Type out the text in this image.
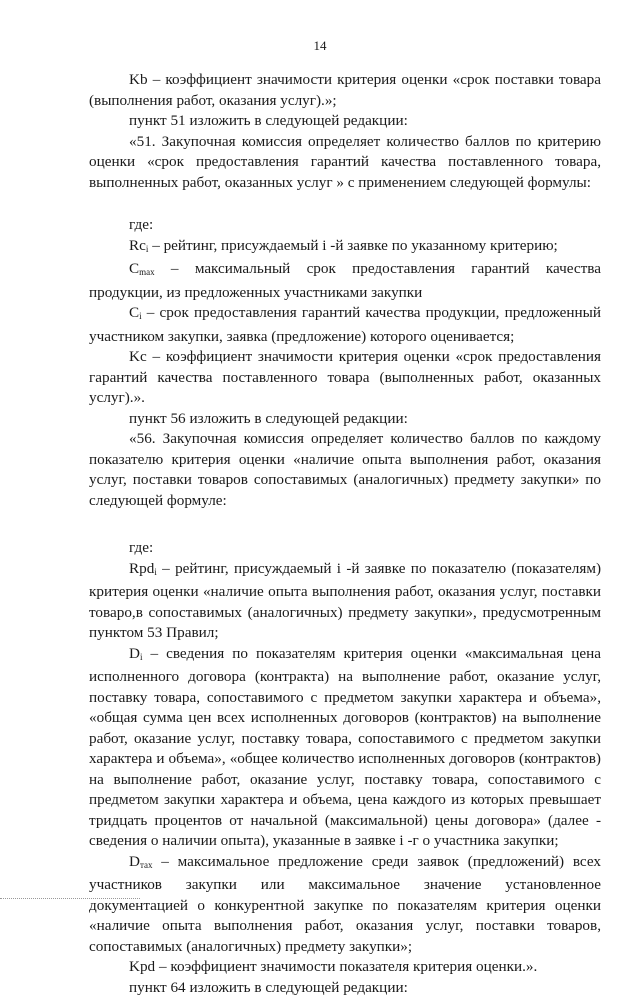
14

Kb – коэффициент значимости критерия оценки «срок поставки товара (выполнения работ, оказания услуг).»;

пункт 51 изложить в следующей редакции:

«51. Закупочная комиссия определяет количество баллов по критерию оценки «срок предоставления гарантий качества поставленного товара, выполненных работ, оказанных услуг » с применением следующей формулы:

где:

$Rc_i$ – рейтинг, присуждаемый i -й заявке по указанному критерию;

$C_{max}$ – максимальный срок предоставления гарантий качества продукции, из предложенных участниками закупки

$C_i$ – срок предоставления гарантий качества продукции, предложенный участником закупки, заявка (предложение) которого оценивается;

Kc – коэффициент значимости критерия оценки «срок предоставления гарантий качества поставленного товара (выполненных работ, оказанных услуг).».

пункт 56 изложить в следующей редакции:

«56. Закупочная комиссия определяет количество баллов по каждому показателю критерия оценки «наличие опыта выполнения работ, оказания услуг, поставки товаров сопоставимых (аналогичных) предмету закупки» по следующей формуле:

где:

Rpd$_i$ – рейтинг, присуждаемый i -й заявке по показателю (показателям) критерия оценки «наличие опыта выполнения работ, оказания услуг, поставки товаро,в сопоставимых (аналогичных) предмету закупки», предусмотренным пунктом 53 Правил;

$D_i$ – сведения по показателям критерия оценки «максимальная цена исполненного договора (контракта) на выполнение работ, оказание услуг, поставку товара, сопоставимого с предметом закупки характера и объема», «общая сумма цен всех исполненных договоров (контрактов) на выполнение работ, оказание услуг, поставку товара, сопоставимого с предметом закупки характера и объема», «общее количество исполненных договоров (контрактов) на выполнение работ, оказание услуг, поставку товара, сопоставимого с предметом закупки характера и объема, цена каждого из которых превышает тридцать процентов от начальной (максимальной) цены договора» (далее - сведения о наличии опыта), указанные в заявке i -г о участника закупки;

$D_{тах}$ – максимальное предложение среди заявок (предложений) всех участников закупки или максимальное значение установленное документацией о конкурентной закупке по показателям критерия оценки «наличие опыта выполнения работ, оказания услуг, поставки товаров, сопоставимых (аналогичных) предмету закупки»;

Kpd – коэффициент значимости показателя критерия оценки.».

пункт 64 изложить в следующей редакции:
